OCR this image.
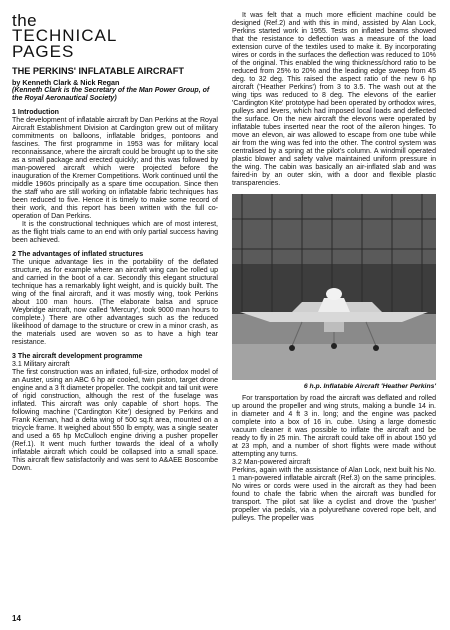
the
TECHNICAL
PAGES
THE PERKINS' INFLATABLE AIRCRAFT
by Kenneth Clark & Nick Regan
(Kenneth Clark is the Secretary of the Man Power Group, of the Royal Aeronautical Society)
1 Introduction

The development of inflatable aircraft by Dan Perkins at the Royal Aircraft Establishment Division at Cardington grew out of military commitments on balloons, inflatable bridges, pontoons and fascines. The first programme in 1953 was for military local reconnaissance, where the aircraft could be brought up to the site as a small package and erected quickly; and this was followed by man-powered aircraft which were projected before the inauguration of the Kremer Competitions. Work continued until the middle 1960s principally as a spare time occupation. Since then the staff who are still working on inflatable fabric techniques has been reduced to five. Hence it is timely to make some record of their work, and this report has been written with the full co-operation of Dan Perkins.

It is the constructional techniques which are of most interest, as the flight trials came to an end with only partial success having been achieved.

2 The advantages of inflated structures

The unique advantage lies in the portability of the deflated structure, as for example where an aircraft wing can be rolled up and carried in the boot of a car. Secondly this elegant structural technique has a remarkably light weight, and is quickly built. The wing of the final aircraft, and it was mostly wing, took Perkins about 100 man hours. (The elaborate balsa and spruce Weybridge aircraft, now called 'Mercury', took 9000 man hours to complete.) There are other advantages such as the reduced likelihood of damage to the structure or crew in a minor crash, as the materials used are woven so as to have a high tear resistance.

3 The aircraft development programme
3.1 Military aircraft

The first construction was an inflated, full-size, orthodox model of an Auster, using an ABC 6 hp air cooled, twin piston, target drone engine and a 3 ft diameter propeller. The cockpit and tail unit were of rigid construction, although the rest of the fuselage was inflated. This aircraft was only capable of short hops. The following machine ('Cardington Kite') designed by Perkins and Frank Kiernan, had a delta wing of 500 sq.ft area, mounted on a tricycle frame. It weighed about 550 lb empty, was a single seater and used a 65 hp McCulloch engine driving a pusher propeller (Ref.1). It went much further towards the ideal of a wholly inflatable aircraft which could be collapsed into a small space. This aircraft flew satisfactorily and was sent to A&AEE Boscombe Down.

It was felt that a much more efficient machine could be designed (Ref.2) and with this in mind, assisted by Alan Lock, Perkins started work in 1955. Tests on inflated beams showed that the resistance to deflection was a measure of the load extension curve of the textiles used to make it. By incorporating wires or cords in the surfaces the deflection was reduced to 10% of the original. This enabled the wing thickness/chord ratio to be reduced from 25% to 20% and the leading edge sweep from 45 deg. to 32 deg. This raised the aspect ratio of the new 6 hp aircraft ('Heather Perkins') from 3 to 3.5. The wash out at the wing tips was reduced to 8 deg. The elevons of the earlier 'Cardington Kite' prototype had been operated by orthodox wires, pulleys and levers, which had imposed local loads and deflected the surface. On the new aircraft the elevons were operated by inflatable tubes inserted near the root of the aileron hinges. To move an elevon, air was allowed to escape from one tube while air from the wing was fed into the other. The control system was centralised by a spring at the pilot's column. A windmill operated plastic blower and safety valve maintained uniform pressure in the wing. The cabin was basically an air-inflated slab and was faired-in by an outer skin, with a door and flexible plastic transparencies.

6 h.p. Inflatable Aircraft 'Heather Perkins'

For transportation by road the aircraft was deflated and rolled up around the propeller and wing struts, making a bundle 14 in. in diameter and 4 ft 3 in. long; and the engine was packed complete into a box of 16 in. cube. Using a large domestic vacuum cleaner it was possible to inflate the aircraft and be ready to fly in 25 min. The aircraft could take off in about 150 yd at 23 mph, and a number of short flights were made without attempting any turns.

3.2 Man-powered aircraft

Perkins, again with the assistance of Alan Lock, next built his No. 1 man-powered inflatable aircraft (Ref.3) on the same principles. No wires or cords were used in the aircraft as they had been found to chafe the fabric when the aircraft was bundled for transport. The pilot sat like a cyclist and drove the 'pusher' propeller via pedals, via a polyurethane covered rope belt, and pulleys. The propeller was

14
